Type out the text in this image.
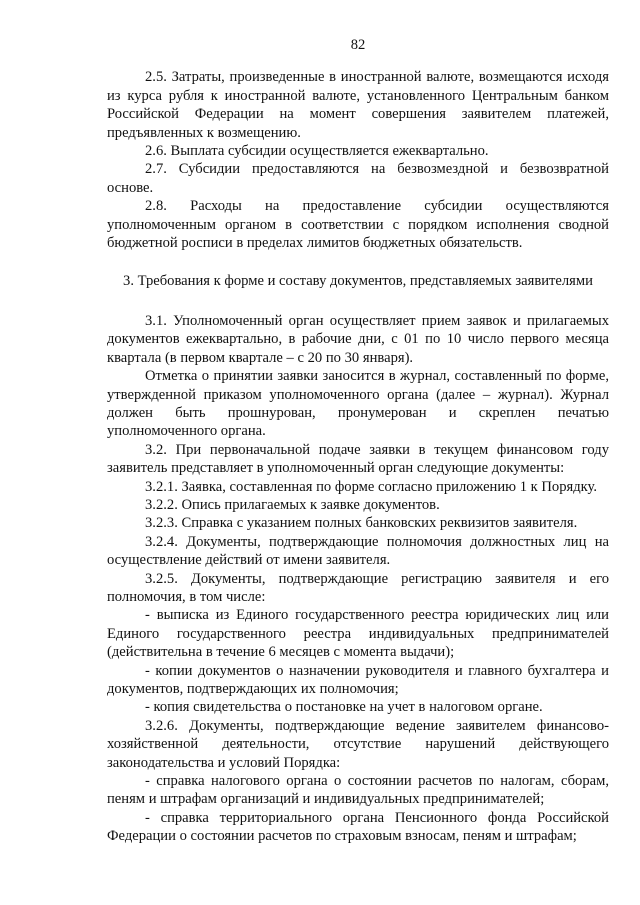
82

2.5. Затраты, произведенные в иностранной валюте, возмещаются исходя из курса рубля к иностранной валюте, установленного Центральным банком Российской Федерации на момент совершения заявителем платежей, предъявленных к возмещению.

2.6. Выплата субсидии осуществляется ежеквартально.

2.7. Субсидии предоставляются на безвозмездной и безвозвратной основе.

2.8. Расходы на предоставление субсидии осуществляются уполномоченным органом в соответствии с порядком исполнения сводной бюджетной росписи в пределах лимитов бюджетных обязательств.

3. Требования к форме и составу документов, представляемых заявителями

3.1. Уполномоченный орган осуществляет прием заявок и прилагаемых документов ежеквартально, в рабочие дни, с 01 по 10 число первого месяца квартала (в первом квартале – с 20 по 30 января).

Отметка о принятии заявки заносится в журнал, составленный по форме, утвержденной приказом уполномоченного органа (далее – журнал). Журнал должен быть прошнурован, пронумерован и скреплен печатью уполномоченного органа.

3.2. При первоначальной подаче заявки в текущем финансовом году заявитель представляет в уполномоченный орган следующие документы:

3.2.1. Заявка, составленная по форме согласно приложению 1 к Порядку.

3.2.2. Опись прилагаемых к заявке документов.

3.2.3. Справка с указанием полных банковских реквизитов заявителя.

3.2.4. Документы, подтверждающие полномочия должностных лиц на осуществление действий от имени заявителя.

3.2.5. Документы, подтверждающие регистрацию заявителя и его полномочия, в том числе:

- выписка из Единого государственного реестра юридических лиц или Единого государственного реестра индивидуальных предпринимателей (действительна в течение 6 месяцев с момента выдачи);

- копии документов о назначении руководителя и главного бухгалтера и документов, подтверждающих их полномочия;

- копия свидетельства о постановке на учет в налоговом органе.

3.2.6. Документы, подтверждающие ведение заявителем финансово-хозяйственной деятельности, отсутствие нарушений действующего законодательства и условий Порядка:

- справка налогового органа о состоянии расчетов по налогам, сборам, пеням и штрафам организаций и индивидуальных предпринимателей;

- справка территориального органа Пенсионного фонда Российской Федерации о состоянии расчетов по страховым взносам, пеням и штрафам;
